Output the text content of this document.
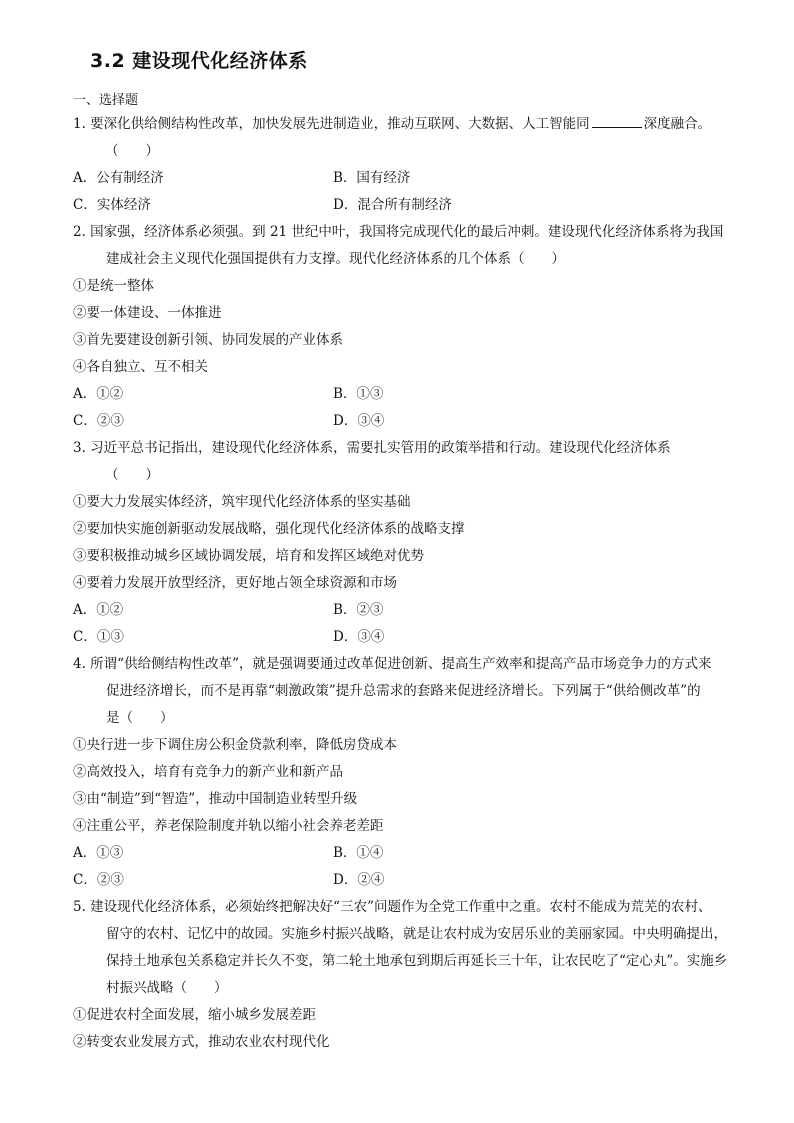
3.2 建设现代化经济体系
一、选择题
1. 要深化供给侧结构性改革，加快发展先进制造业，推动互联网、大数据、人工智能同	深度融合。
（　　）
A．公有制经济	B．国有经济
C．实体经济	D．混合所有制经济
2. 国家强，经济体系必须强。到 21 世纪中叶，我国将完成现代化的最后冲刺。建设现代化经济体系将为我国
建成社会主义现代化强国提供有力支撑。现代化经济体系的几个体系（　　）
①是统一整体
②要一体建设、一体推进
③首先要建设创新引领、协同发展的产业体系
④各自独立、互不相关
A．①②	B．①③
C．②③	D．③④
3. 习近平总书记指出，建设现代化经济体系，需要扎实管用的政策举措和行动。建设现代化经济体系
（　　）
①要大力发展实体经济，筑牢现代化经济体系的坚实基础
②要加快实施创新驱动发展战略，强化现代化经济体系的战略支撑
③要积极推动城乡区域协调发展，培育和发挥区域绝对优势
④要着力发展开放型经济，更好地占领全球资源和市场
A．①②	B．②③
C．①③	D．③④
4. 所谓“供给侧结构性改革”，就是强调要通过改革促进创新、提高生产效率和提高产品市场竞争力的方式来
促进经济增长，而不是再靠“刺激政策”提升总需求的套路来促进经济增长。下列属于“供给侧改革”的
是（　　）
①央行进一步下调住房公积金贷款利率，降低房贷成本
②高效投入，培育有竞争力的新产业和新产品
③由“制造”到“智造”，推动中国制造业转型升级
④注重公平，养老保险制度并轨以缩小社会养老差距
A．①③	B．①④
C．②③	D．②④
5. 建设现代化经济体系，必须始终把解决好“三农”问题作为全党工作重中之重。农村不能成为荒芜的农村、
留守的农村、记忆中的故园。实施乡村振兴战略，就是让农村成为安居乐业的美丽家园。中央明确提出，
保持土地承包关系稳定并长久不变，第二轮土地承包到期后再延长三十年，让农民吃了“定心丸”。实施乡
村振兴战略（　　）
①促进农村全面发展，缩小城乡发展差距
②转变农业发展方式，推动农业农村现代化
